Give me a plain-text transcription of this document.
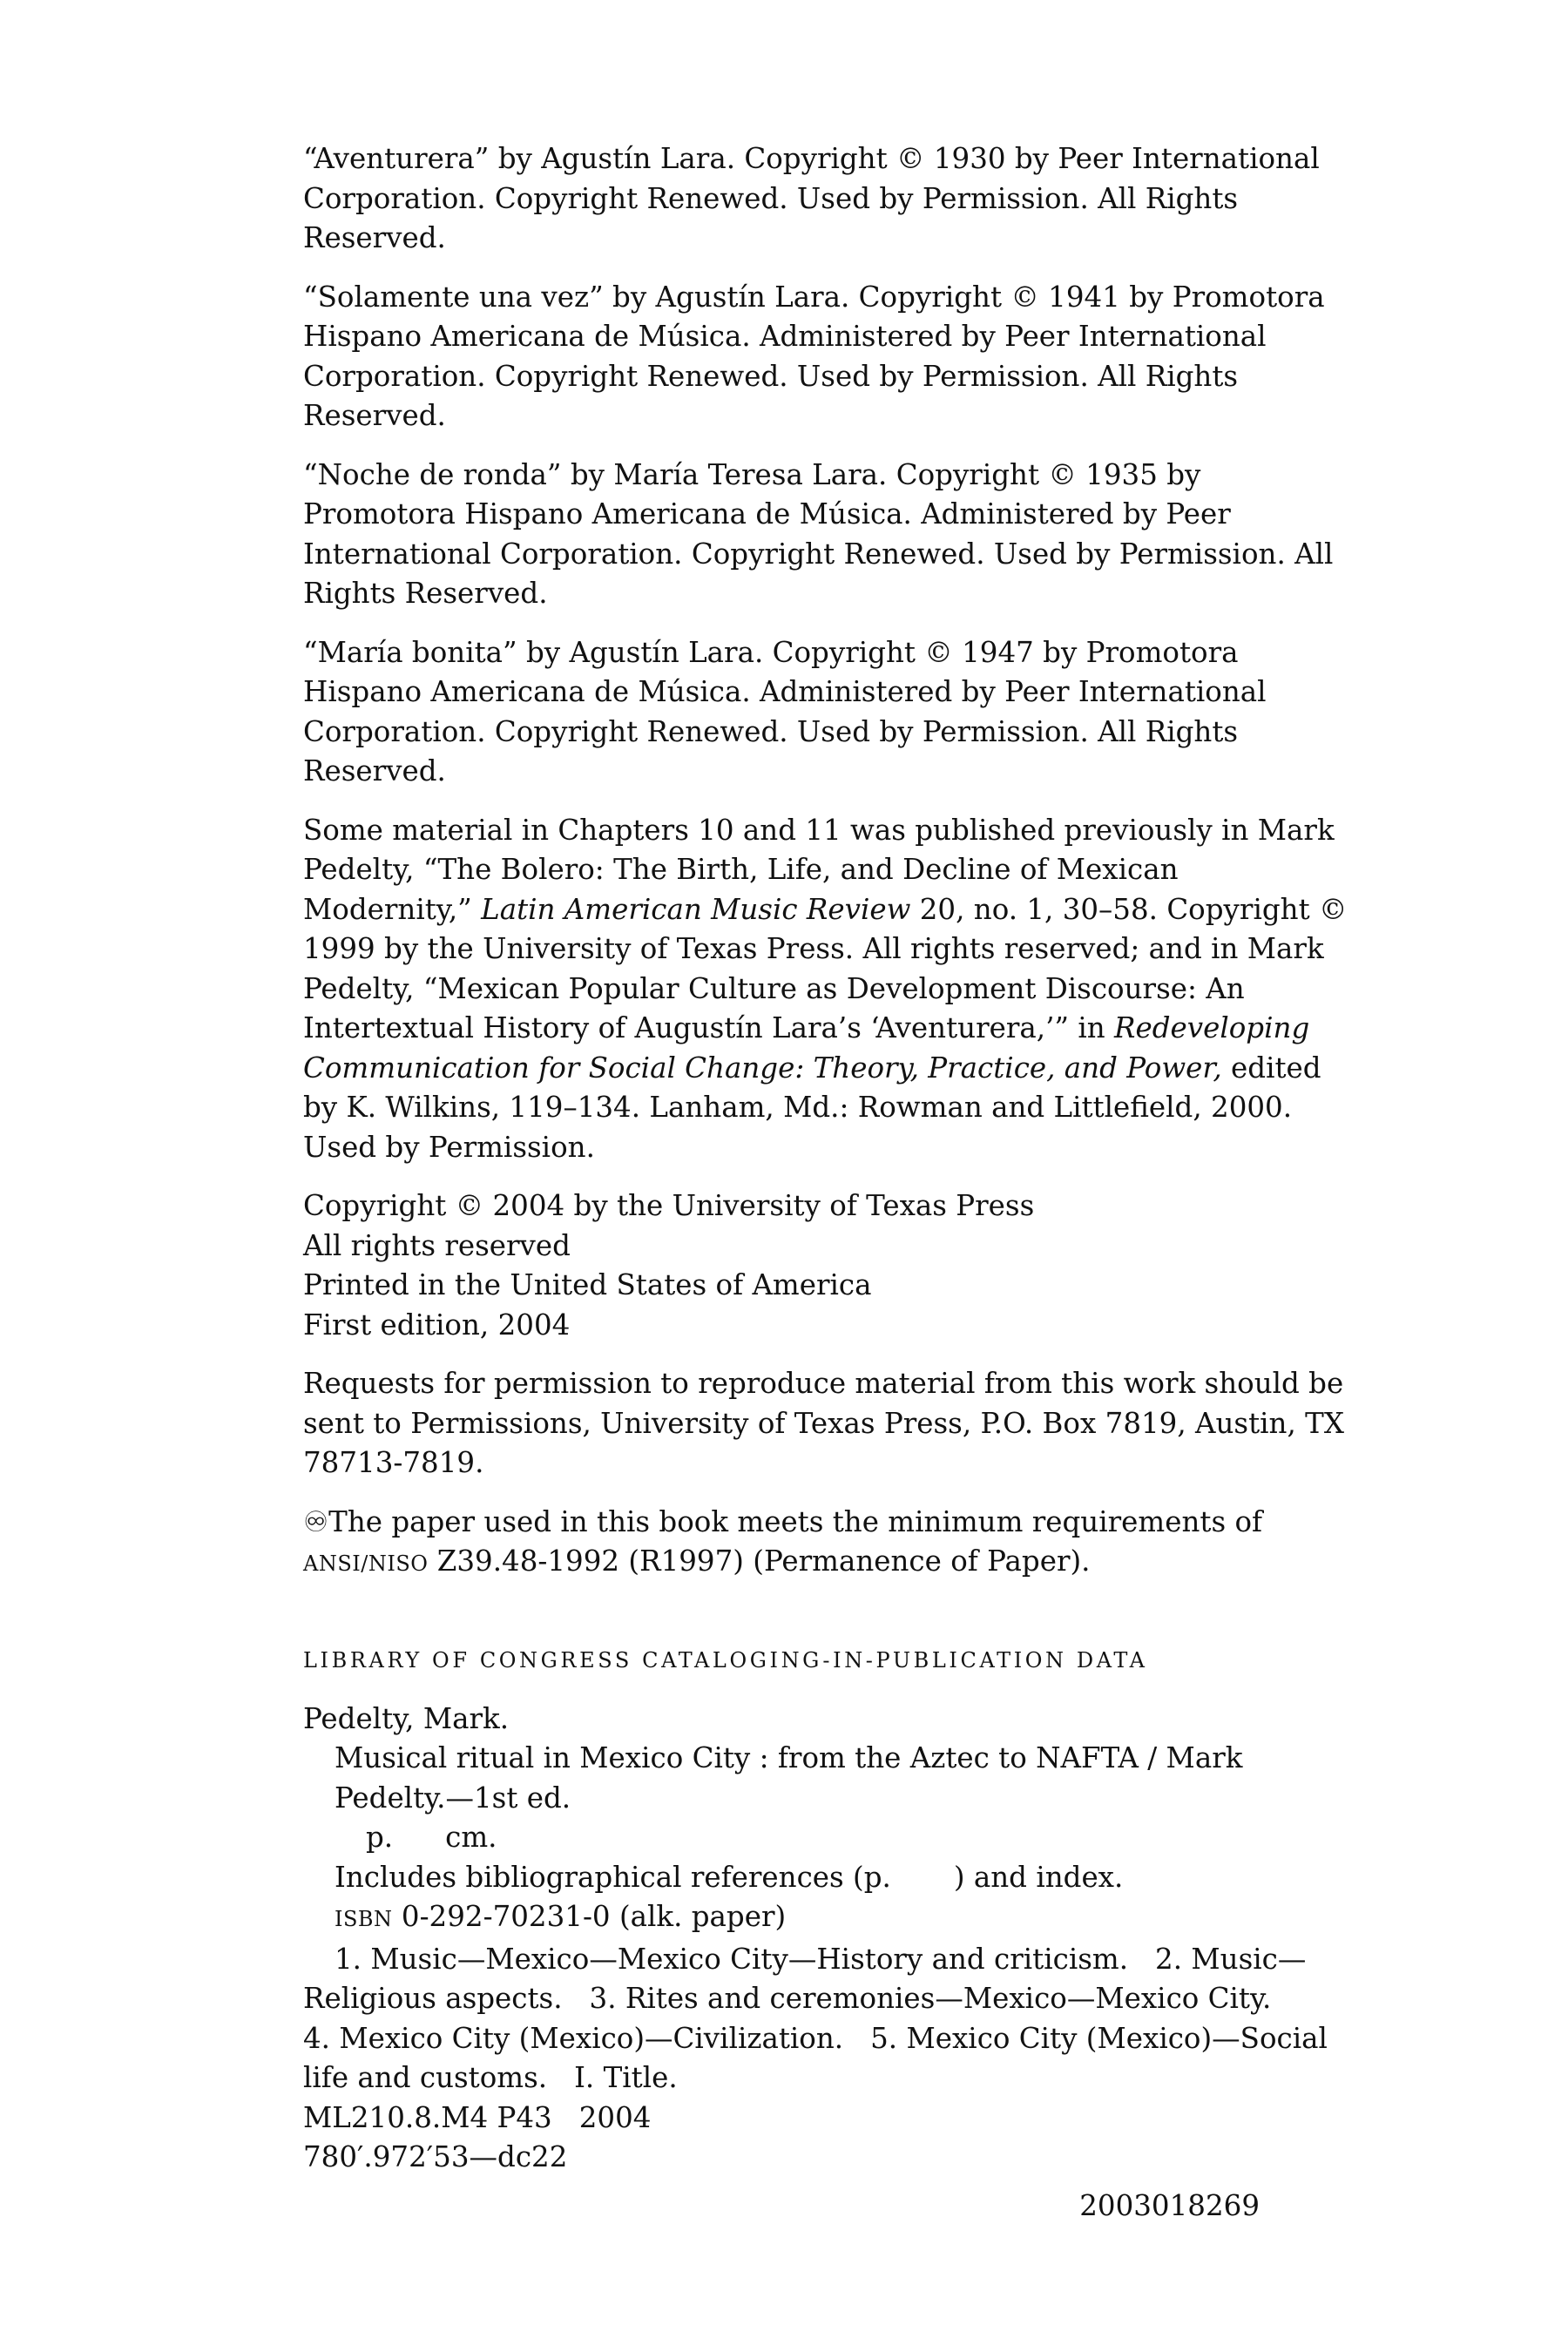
“Aventurera” by Agustín Lara. Copyright © 1930 by Peer International Corporation. Copyright Renewed. Used by Permission. All Rights Reserved.

“Solamente una vez” by Agustín Lara. Copyright © 1941 by Promotora Hispano Americana de Música. Administered by Peer International Corporation. Copyright Renewed. Used by Permission. All Rights Reserved.

“Noche de ronda” by María Teresa Lara. Copyright © 1935 by Promotora Hispano Americana de Música. Administered by Peer International Corporation. Copyright Renewed. Used by Permission. All Rights Reserved.

“María bonita” by Agustín Lara. Copyright © 1947 by Promotora Hispano Americana de Música. Administered by Peer International Corporation. Copyright Renewed. Used by Permission. All Rights Reserved.

Some material in Chapters 10 and 11 was published previously in Mark Pedelty, “The Bolero: The Birth, Life, and Decline of Mexican Modernity,” Latin American Music Review 20, no. 1, 30–58. Copyright © 1999 by the University of Texas Press. All rights reserved; and in Mark Pedelty, “Mexican Popular Culture as Development Discourse: An Intertextual History of Augustín Lara’s ‘Aventurera,’” in Redeveloping Communication for Social Change: Theory, Practice, and Power, edited by K. Wilkins, 119–134. Lanham, Md.: Rowman and Littlefield, 2000. Used by Permission.

Copyright © 2004 by the University of Texas Press
All rights reserved
Printed in the United States of America
First edition, 2004

Requests for permission to reproduce material from this work should be sent to Permissions, University of Texas Press, P.O. Box 7819, Austin, TX 78713-7819.

♾The paper used in this book meets the minimum requirements of ANSI/NISO Z39.48-1992 (R1997) (Permanence of Paper).

LIBRARY OF CONGRESS CATALOGING-IN-PUBLICATION DATA
Pedelty, Mark.
Musical ritual in Mexico City : from the Aztec to NAFTA / Mark Pedelty.—1st ed.
p. cm.
Includes bibliographical references (p. ) and index.
ISBN 0-292-70231-0 (alk. paper)
1. Music—Mexico—Mexico City—History and criticism.   2. Music—
Religious aspects.   3. Rites and ceremonies—Mexico—Mexico City.
4. Mexico City (Mexico)—Civilization.   5. Mexico City (Mexico)—Social
life and customs.   I. Title.
ML210.8.M4 P43   2004
780′.972′53—dc22
2003018269
